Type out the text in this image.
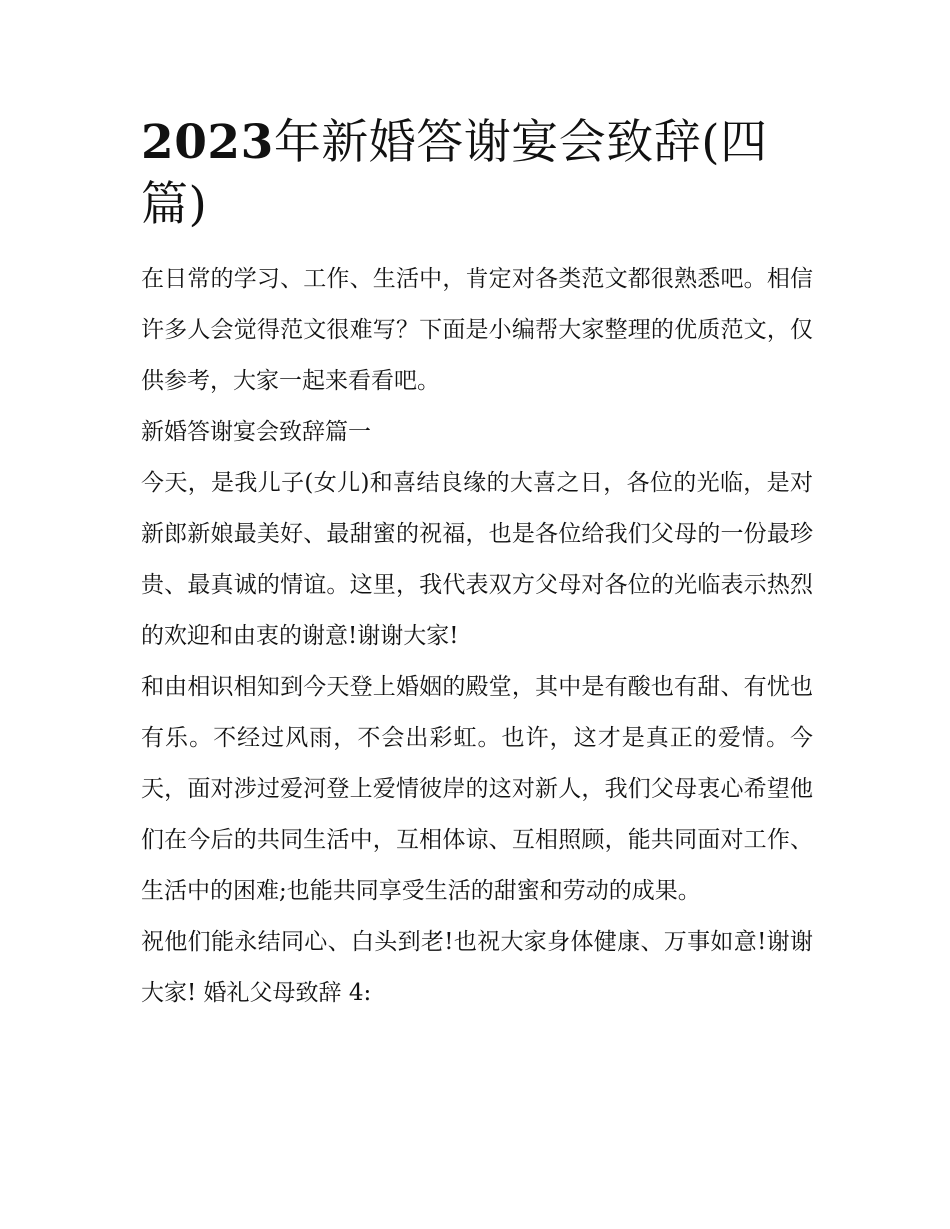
2023年新婚答谢宴会致辞(四篇)

在日常的学习、工作、生活中，肯定对各类范文都很熟悉吧。相信许多人会觉得范文很难写？下面是小编帮大家整理的优质范文，仅供参考，大家一起来看看吧。

新婚答谢宴会致辞篇一

今天，是我儿子(女儿)和喜结良缘的大喜之日，各位的光临，是对新郎新娘最美好、最甜蜜的祝福，也是各位给我们父母的一份最珍贵、最真诚的情谊。这里，我代表双方父母对各位的光临表示热烈的欢迎和由衷的谢意!谢谢大家!

和由相识相知到今天登上婚姻的殿堂，其中是有酸也有甜、有忧也有乐。不经过风雨，不会出彩虹。也许，这才是真正的爱情。今天，面对涉过爱河登上爱情彼岸的这对新人，我们父母衷心希望他们在今后的共同生活中，互相体谅、互相照顾，能共同面对工作、生活中的困难;也能共同享受生活的甜蜜和劳动的成果。

祝他们能永结同心、白头到老!也祝大家身体健康、万事如意!谢谢大家! 婚礼父母致辞 4:
